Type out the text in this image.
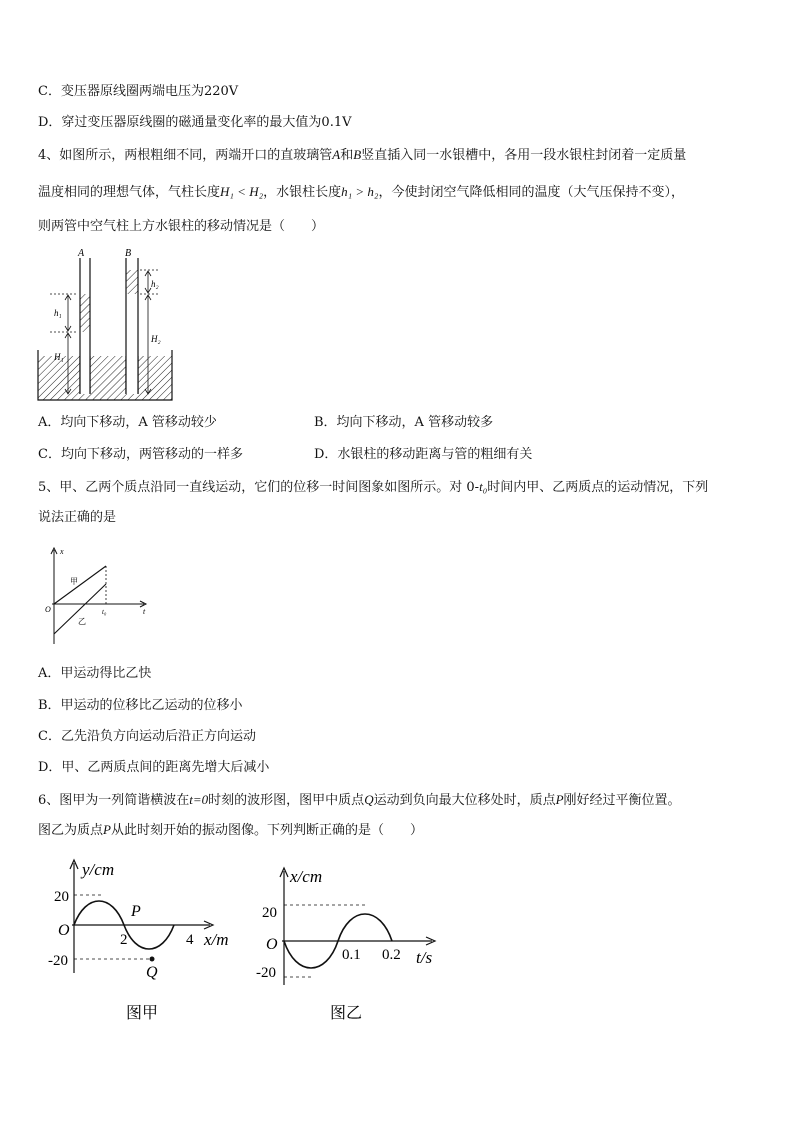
C．变压器原线圈两端电压为220V
D．穿过变压器原线圈的磁通量变化率的最大值为0.1V
4、如图所示，两根粗细不同，两端开口的直玻璃管A和B竖直插入同一水银槽中，各用一段水银柱封闭着一定质量
温度相同的理想气体，气柱长度H₁ < H₂，水银柱长度h₁ > h₂，今使封闭空气降低相同的温度（大气压保持不变），
则两管中空气柱上方水银柱的移动情况是（　　）
A	B
h₁
H₁
h₂
H₂
A．均向下移动，A 管移动较少	B．均向下移动，A 管移动较多
C．均向下移动，两管移动的一样多	D．水银柱的移动距离与管的粗细有关
5、甲、乙两个质点沿同一直线运动，它们的位移一时间图象如图所示。对 0-t₀时间内甲、乙两质点的运动情况，下列
说法正确的是
x
t
O
甲
乙
t₀
A．甲运动得比乙快
B．甲运动的位移比乙运动的位移小
C．乙先沿负方向运动后沿正方向运动
D．甲、乙两质点间的距离先增大后减小
6、图甲为一列简谐横波在t=0时刻的波形图，图甲中质点Q运动到负向最大位移处时，质点P刚好经过平衡位置。
图乙为质点P从此时刻开始的振动图像。下列判断正确的是（　　）
y/cm
x/m
20
-20
O
2	4
P
Q
图甲
x/cm
t/s
20
-20
O
0.1 0.2
图乙
